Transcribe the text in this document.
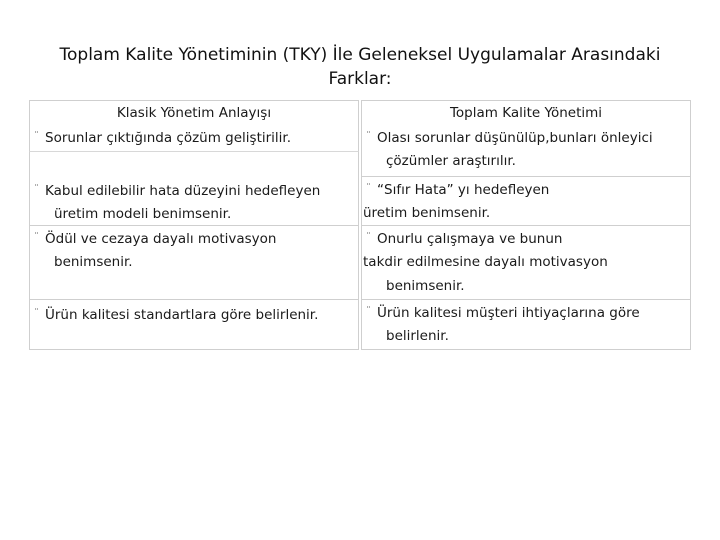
Toplam Kalite Yönetiminin (TKY) İle Geleneksel Uygulamalar Arasındaki
Farklar:
Klasik Yönetim Anlayışı
¨ Sorunlar çıktığında çözüm geliştirilir.
¨ Kabul edilebilir hata düzeyini hedefleyen
üretim modeli benimsenir.
¨ Ödül ve cezaya dayalı motivasyon
benimsenir.
¨ Ürün kalitesi standartlara göre belirlenir.
Toplam Kalite Yönetimi
¨ Olası sorunlar düşünülüp,bunları önleyici
çözümler araştırılır.
¨ “Sıfır Hata” yı hedefleyen
üretim benimsenir.
¨ Onurlu çalışmaya ve bunun
takdir edilmesine dayalı motivasyon
benimsenir.
¨ Ürün kalitesi müşteri ihtiyaçlarına göre
belirlenir.
